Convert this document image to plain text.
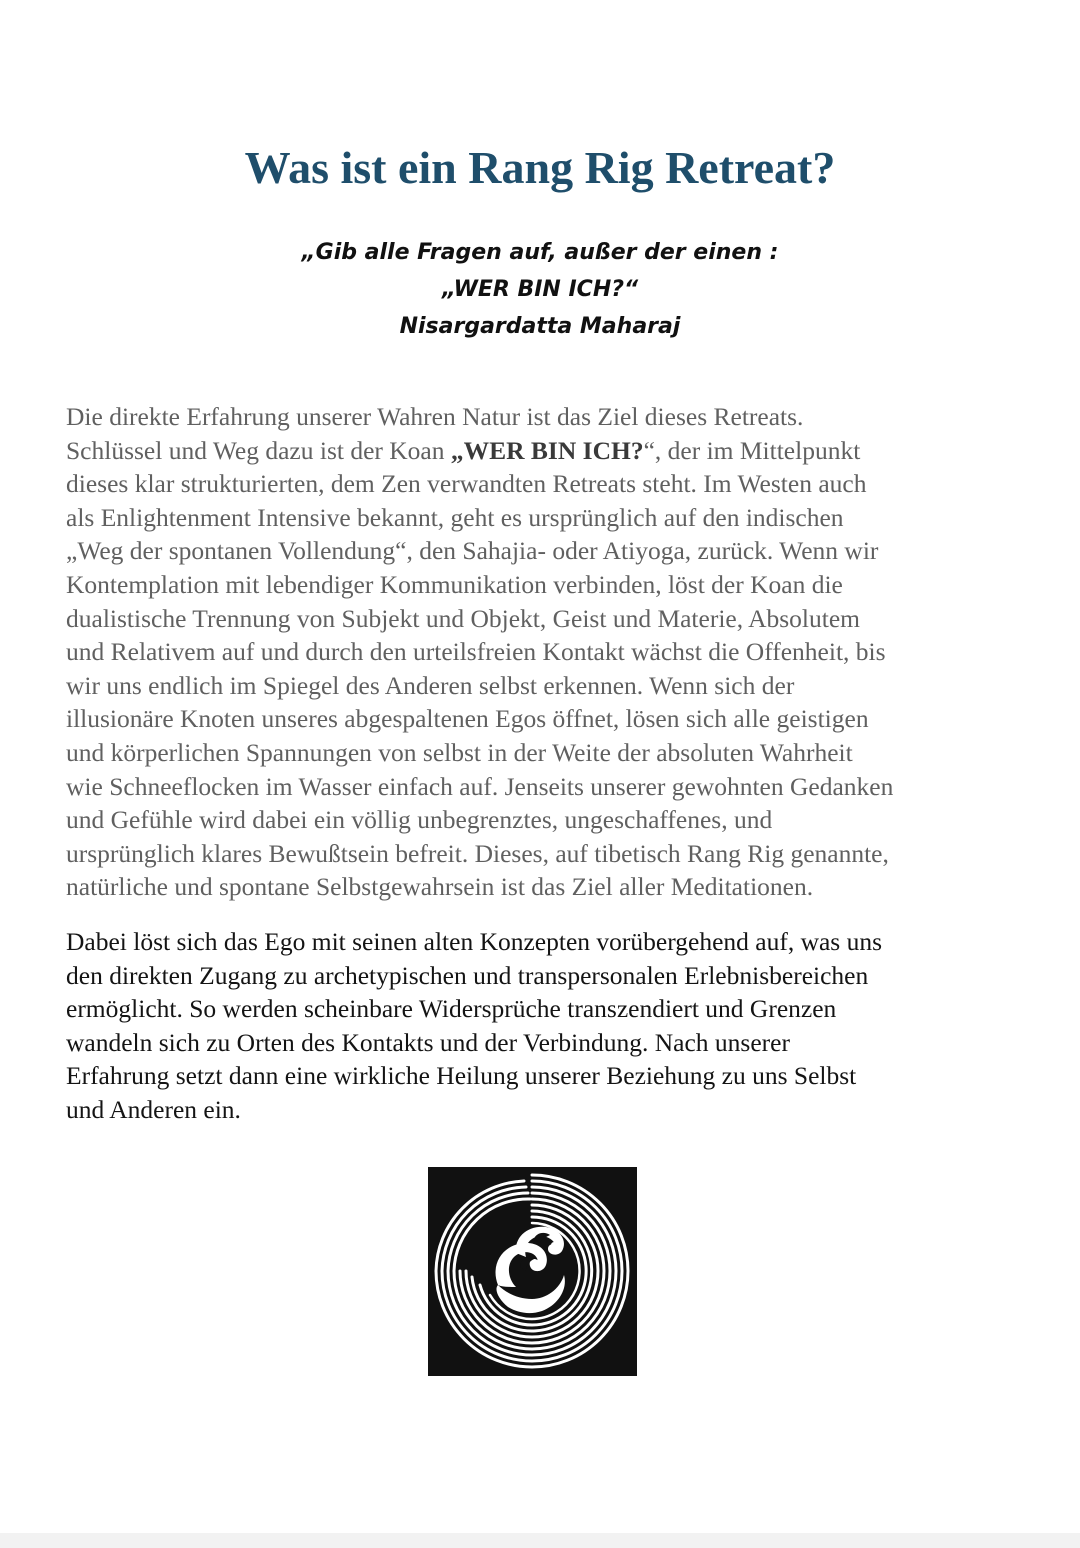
Was ist ein Rang Rig Retreat?
„Gib alle Fragen auf, außer der einen :
„WER BIN ICH?“
Nisargardatta Maharaj

Die direkte Erfahrung unserer Wahren Natur ist das Ziel dieses Retreats.
Schlüssel und Weg dazu ist der Koan „WER BIN ICH?“, der im Mittelpunkt
dieses klar strukturierten, dem Zen verwandten Retreats steht. Im Westen auch
als Enlightenment Intensive bekannt, geht es ursprünglich auf den indischen
„Weg der spontanen Vollendung“, den Sahajia- oder Atiyoga, zurück. Wenn wir
Kontemplation mit lebendiger Kommunikation verbinden, löst der Koan die
dualistische Trennung von Subjekt und Objekt, Geist und Materie, Absolutem
und Relativem auf und durch den urteilsfreien Kontakt wächst die Offenheit, bis
wir uns endlich im Spiegel des Anderen selbst erkennen. Wenn sich der
illusionäre Knoten unseres abgespaltenen Egos öffnet, lösen sich alle geistigen
und körperlichen Spannungen von selbst in der Weite der absoluten Wahrheit
wie Schneeflocken im Wasser einfach auf. Jenseits unserer gewohnten Gedanken
und Gefühle wird dabei ein völlig unbegrenztes, ungeschaffenes, und
ursprünglich klares Bewußtsein befreit. Dieses, auf tibetisch Rang Rig genannte,
natürliche und spontane Selbstgewahrsein ist das Ziel aller Meditationen.

Dabei löst sich das Ego mit seinen alten Konzepten vorübergehend auf, was uns
den direkten Zugang zu archetypischen und transpersonalen Erlebnisbereichen
ermöglicht. So werden scheinbare Widersprüche transzendiert und Grenzen
wandeln sich zu Orten des Kontakts und der Verbindung. Nach unserer
Erfahrung setzt dann eine wirkliche Heilung unserer Beziehung zu uns Selbst
und Anderen ein.
